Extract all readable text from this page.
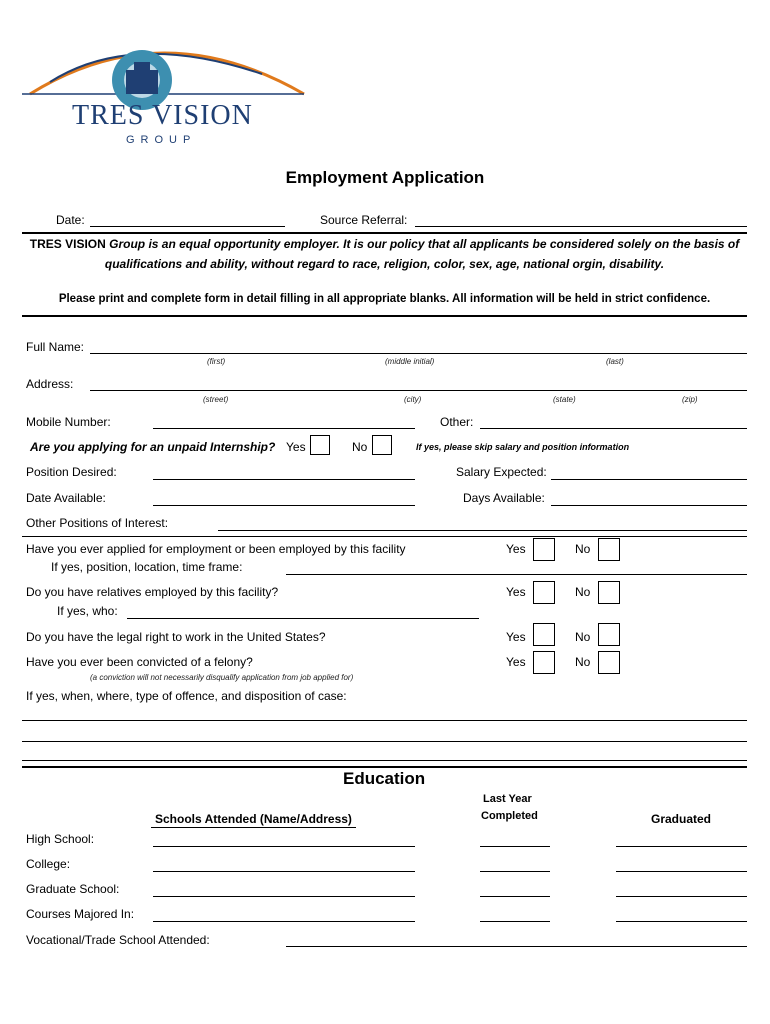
TRES VISION
GROUP
Employment Application
Date:	Source Referral:
TRES VISION Group is an equal opportunity employer. It is our policy that all applicants be considered solely on the basis of
qualifications and ability, without regard to race, religion, color, sex, age, national orgin, disability.
Please print and complete form in detail filling in all appropriate blanks. All information will be held in strict confidence.
Full Name:
(first)	(middle initial)	(last)
Address:
(street)	(city)	(state)	(zip)
Mobile Number:	Other:
Are you applying for an unpaid Internship? Yes	No	If yes, please skip salary and position information
Position Desired:	Salary Expected:
Date Available:	Days Available:
Other Positions of Interest:
Have you ever applied for employment or been employed by this facility
If yes, position, location, time frame:
Yes	No
Do you have relatives employed by this facility?
If yes, who:
Yes	No
Do you have the legal right to work in the United States?	Yes	No
Have you ever been convicted of a felony?	Yes	No
(a conviction will not necessarily disqualify application from job applied for)
If yes, when, where, type of offence, and disposition of case:
Education
Schools Attended (Name/Address)
Last Year
Completed	Graduated
High School:
College:
Graduate School:
Courses Majored In:
Vocational/Trade School Attended:
